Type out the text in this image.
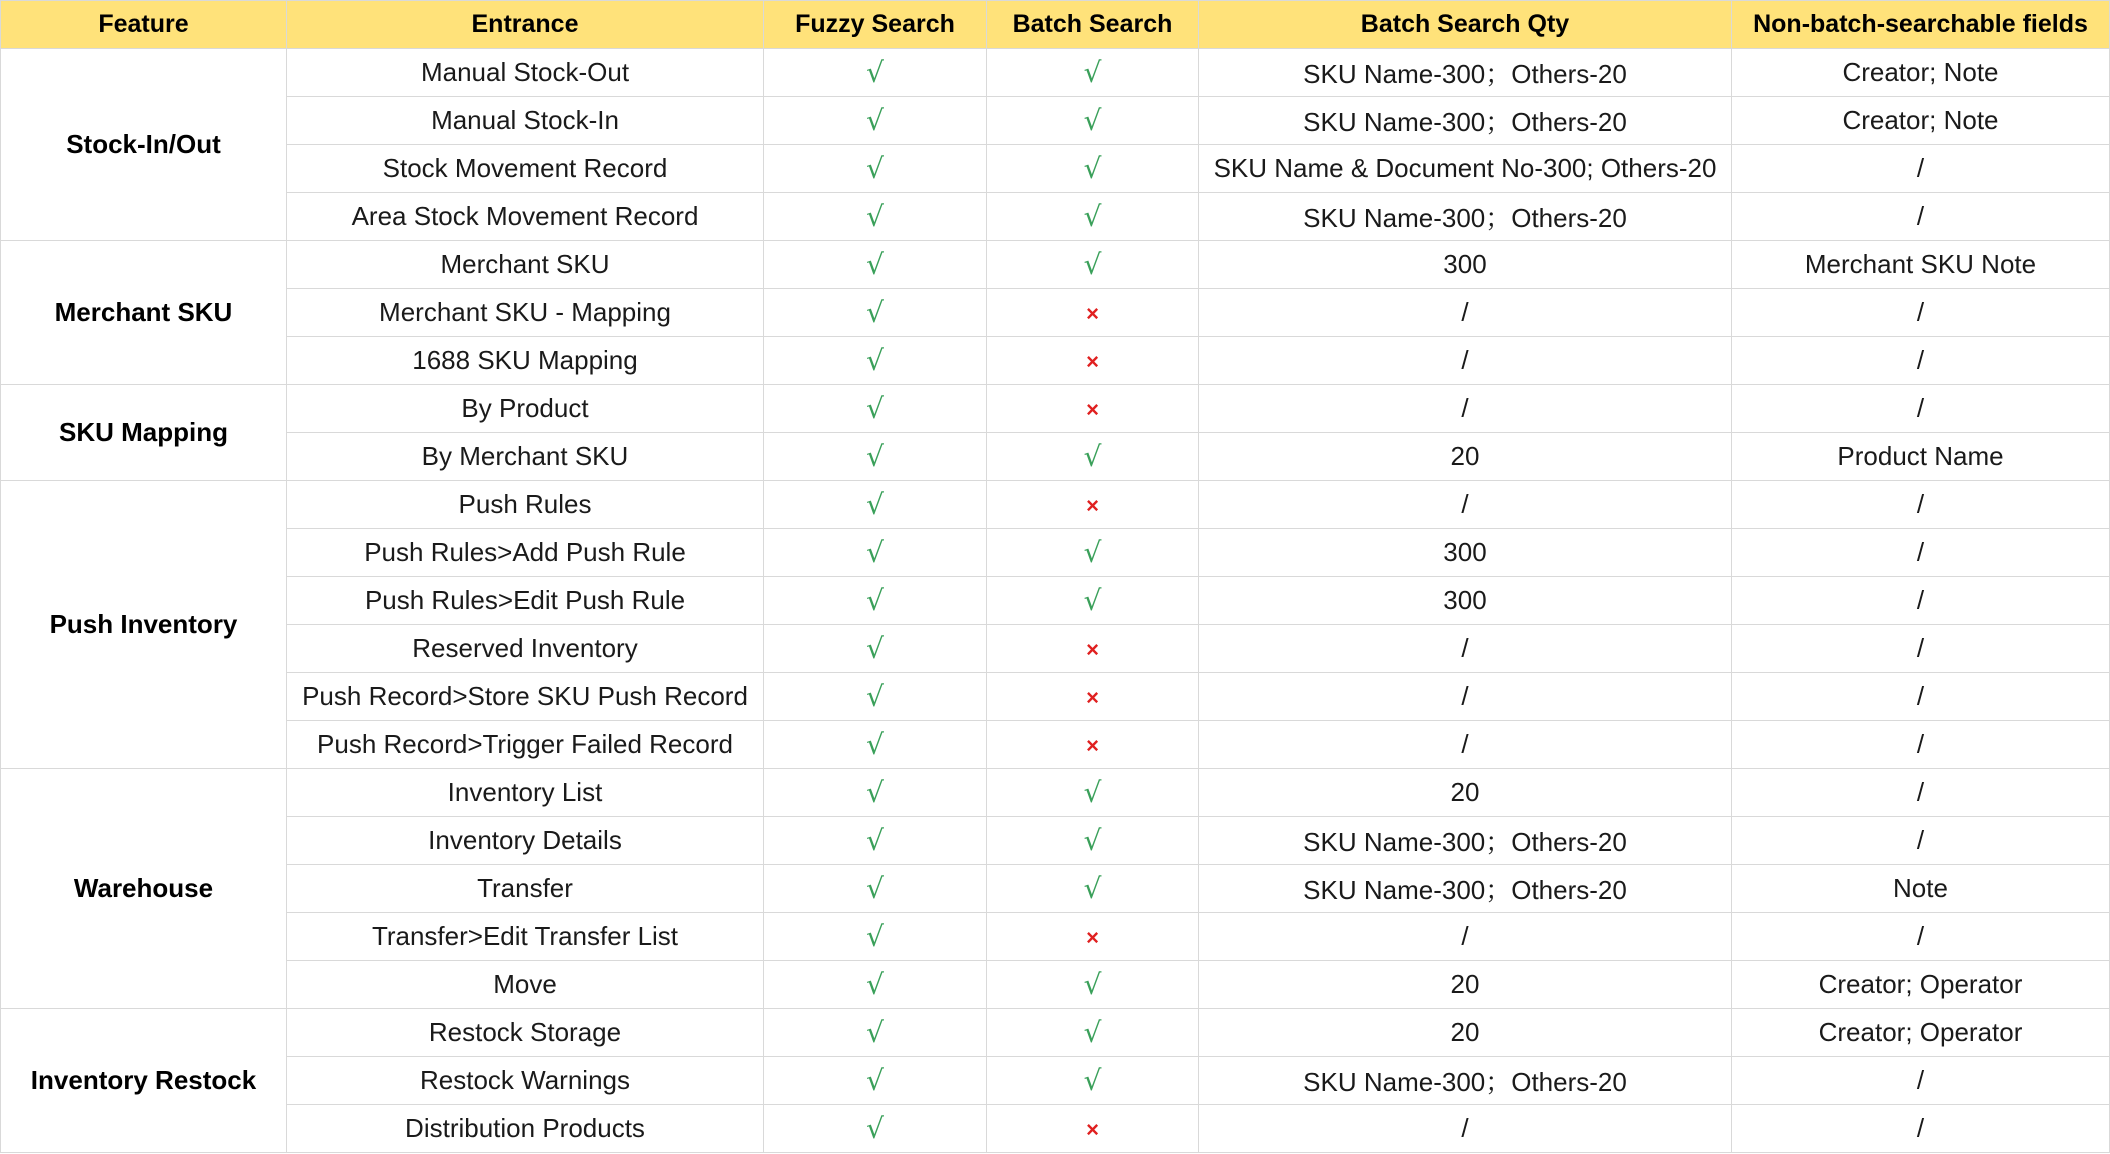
Feature	Entrance	Fuzzy Search	Batch Search	Batch Search Qty	Non-batch-searchable fields
Stock-In/Out	Manual Stock-Out	√	√	SKU Name-300；Others-20	Creator; Note
	Manual Stock-In	√	√	SKU Name-300；Others-20	Creator; Note
	Stock Movement Record	√	√	SKU Name & Document No-300; Others-20	/
	Area Stock Movement Record	√	√	SKU Name-300；Others-20	/
Merchant SKU	Merchant SKU	√	√	300	Merchant SKU Note
	Merchant SKU - Mapping	√	×	/	/
	1688 SKU Mapping	√	×	/	/
SKU Mapping	By Product	√	×	/	/
	By Merchant SKU	√	√	20	Product Name
Push Inventory	Push Rules	√	×	/	/
	Push Rules>Add Push Rule	√	√	300	/
	Push Rules>Edit Push Rule	√	√	300	/
	Reserved Inventory	√	×	/	/
	Push Record>Store SKU Push Record	√	×	/	/
	Push Record>Trigger Failed Record	√	×	/	/
Warehouse	Inventory List	√	√	20	/
	Inventory Details	√	√	SKU Name-300；Others-20	/
	Transfer	√	√	SKU Name-300；Others-20	Note
	Transfer>Edit Transfer List	√	×	/	/
	Move	√	√	20	Creator; Operator
Inventory Restock	Restock Storage	√	√	20	Creator; Operator
	Restock Warnings	√	√	SKU Name-300；Others-20	/
	Distribution Products	√	×	/	/
